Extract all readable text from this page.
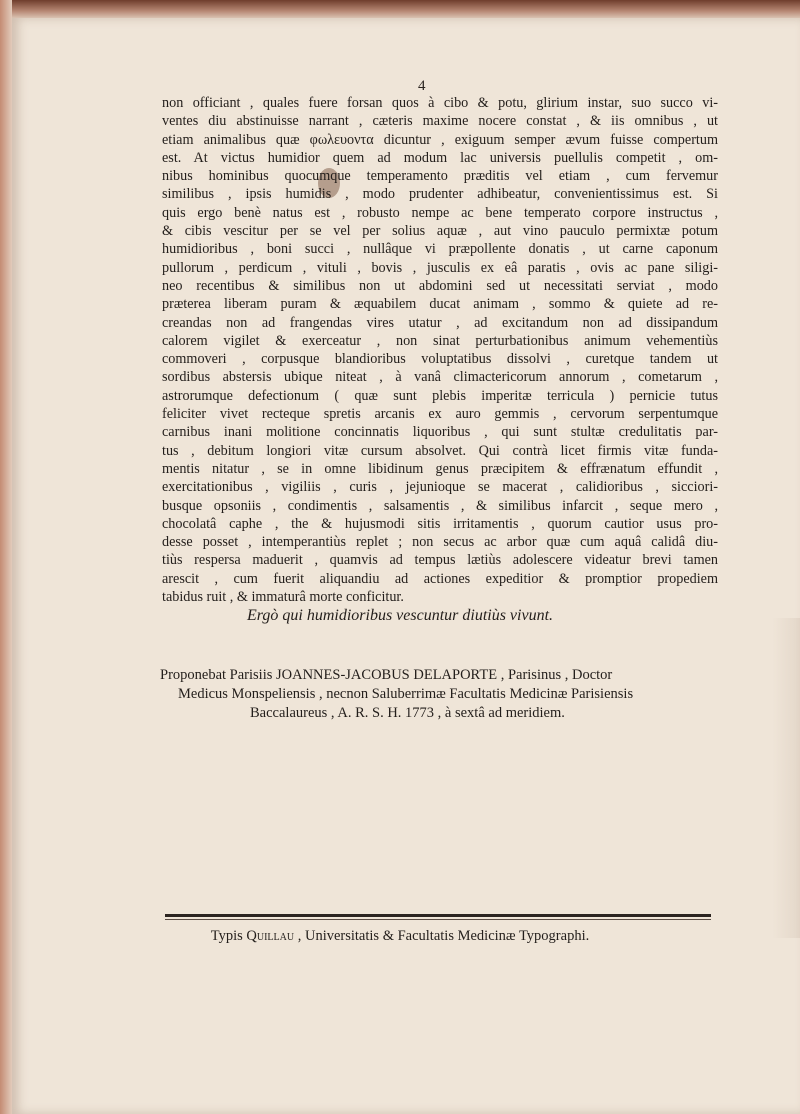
4
non officiant , quales fuere forsan quos à cibo & potu, glirium instar, suo succo vi-
ventes diu abstinuisse narrant , cæteris maxime nocere constat , & iis omnibus , ut
etiam animalibus quæ φωλευοντα dicuntur , exiguum semper ævum fuisse compertum
est. At victus humidior quem ad modum lac universis puellulis competit , om-
nibus hominibus quocumque temperamento præditis vel etiam , cum fervemur
similibus , ipsis humidis , modo prudenter adhibeatur, convenientissimus est. Si
quis ergo benè natus est , robusto nempe ac bene temperato corpore instructus ,
& cibis vescitur per se vel per solius aquæ , aut vino pauculo permixtæ potum
humidioribus , boni succi , nullâque vi præpollente donatis , ut carne caponum
pullorum , perdicum , vituli , bovis , jusculis ex eâ paratis , ovis ac pane siligi-
neo recentibus & similibus non ut abdomini sed ut necessitati serviat , modo
præterea liberam puram & æquabilem ducat animam , sommo & quiete ad re-
creandas non ad frangendas vires utatur , ad excitandum non ad dissipandum
calorem vigilet & exerceatur , non sinat perturbationibus animum vehementiùs
commoveri , corpusque blandioribus voluptatibus dissolvi , curetque tandem ut
sordibus abstersis ubique niteat , à vanâ climactericorum annorum , cometarum ,
astrorumque defectionum ( quæ sunt plebis imperitæ terricula ) pernicie tutus
feliciter vivet recteque spretis arcanis ex auro gemmis , cervorum serpentumque
carnibus inani molitione concinnatis liquoribus , qui sunt stultæ credulitatis par-
tus , debitum longiori vitæ cursum absolvet. Qui contrà licet firmis vitæ funda-
mentis nitatur , se in omne libidinum genus præcipitem & effrænatum effundit ,
exercitationibus , vigiliis , curis , jejunioque se macerat , calidioribus , sicciori-
busque opsoniis , condimentis , salsamentis , & similibus infarcit , seque mero ,
chocolatâ caphe , the & hujusmodi sitis irritamentis , quorum cautior usus pro-
desse posset , intemperantiùs replet ; non secus ac arbor quæ cum aquâ calidâ diu-
tiùs respersa maduerit , quamvis ad tempus lætiùs adolescere videatur brevi tamen
arescit , cum fuerit aliquandiu ad actiones expeditior & promptior propediem
tabidus ruit , & immaturâ morte conficitur.
Ergò qui humidioribus vescuntur diutiùs vivunt.
Proponebat Parisiis JOANNES-JACOBUS DELAPORTE , Parisinus , Doctor
Medicus Monspeliensis , necnon Saluberrimæ Facultatis Medicinæ Parisiensis
Baccalaureus , A. R. S. H. 1773 , à sextâ ad meridiem.
Typis Quillau , Universitatis & Facultatis Medicinæ Typographi.
